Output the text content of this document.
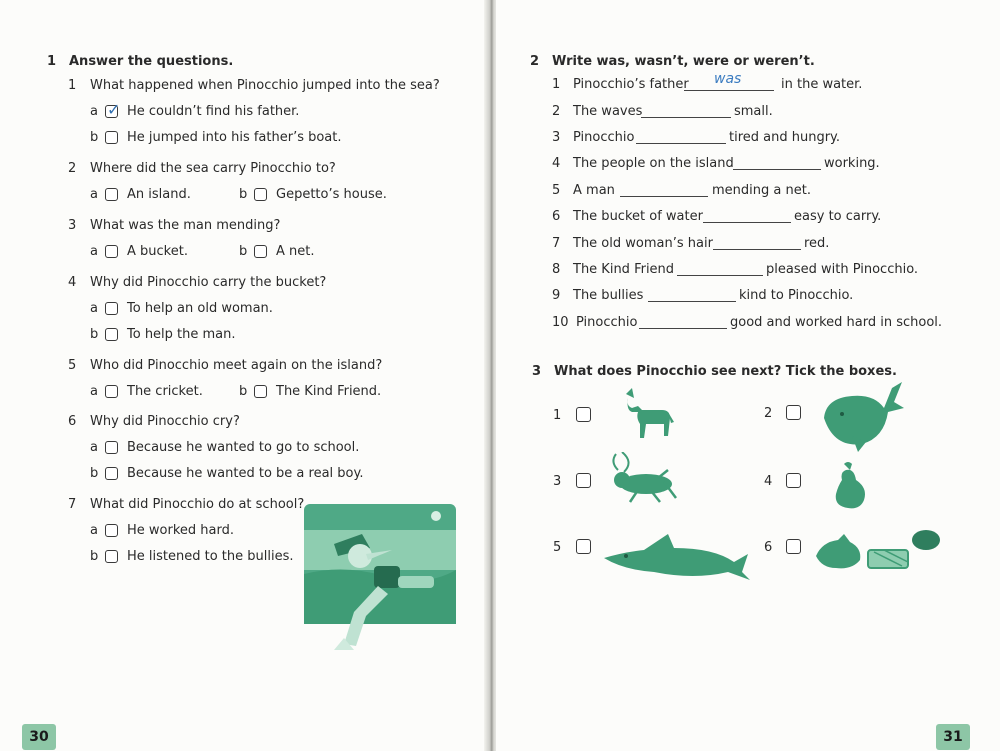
1 Answer the questions.
1 What happened when Pinocchio jumped into the sea?
a ✓ He couldn’t find his father.
b He jumped into his father’s boat.
2 Where did the sea carry Pinocchio to?
a An island.	b Gepetto’s house.
3 What was the man mending?
a A bucket.	b A net.
4 Why did Pinocchio carry the bucket?
a To help an old woman.
b To help the man.
5 Who did Pinocchio meet again on the island?
a The cricket.	b The Kind Friend.
6 Why did Pinocchio cry?
a Because he wanted to go to school.
b Because he wanted to be a real boy.
7 What did Pinocchio do at school?
a He worked hard.
b He listened to the bullies.
30
2 Write was, wasn’t, were or weren’t.
1 Pinocchio’s father was	in the water.
2 The waves	small.
3 Pinocchio	tired and hungry.
4 The people on the island	working.
5 A man	mending a net.
6 The bucket of water	easy to carry.
7 The old woman’s hair	red.
8 The Kind Friend	pleased with Pinocchio.
9 The bullies	kind to Pinocchio.
10 Pinocchio	good and worked hard in school.
3 What does Pinocchio see next? Tick the boxes.
1	2
3	4
5	6
31
